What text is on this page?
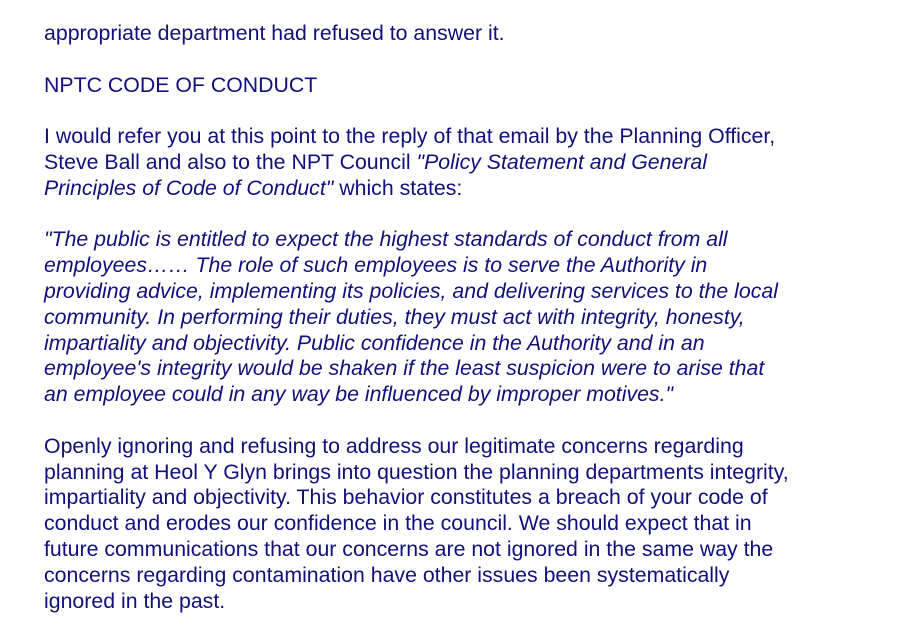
appropriate department had refused to answer it.

NPTC CODE OF CONDUCT

I would refer you at this point to the reply of that email by the Planning Officer,
Steve Ball and also to the NPT Council "Policy Statement and General
Principles of Code of Conduct" which states:

"The public is entitled to expect the highest standards of conduct from all
employees…… The role of such employees is to serve the Authority in
providing advice, implementing its policies, and delivering services to the local
community. In performing their duties, they must act with integrity, honesty,
impartiality and objectivity. Public confidence in the Authority and in an
employee's integrity would be shaken if the least suspicion were to arise that
an employee could in any way be influenced by improper motives."

Openly ignoring and refusing to address our legitimate concerns regarding
planning at Heol Y Glyn brings into question the planning departments integrity,
impartiality and objectivity. This behavior constitutes a breach of your code of
conduct and erodes our confidence in the council. We should expect that in
future communications that our concerns are not ignored in the same way the
concerns regarding contamination have other issues been systematically
ignored in the past.
